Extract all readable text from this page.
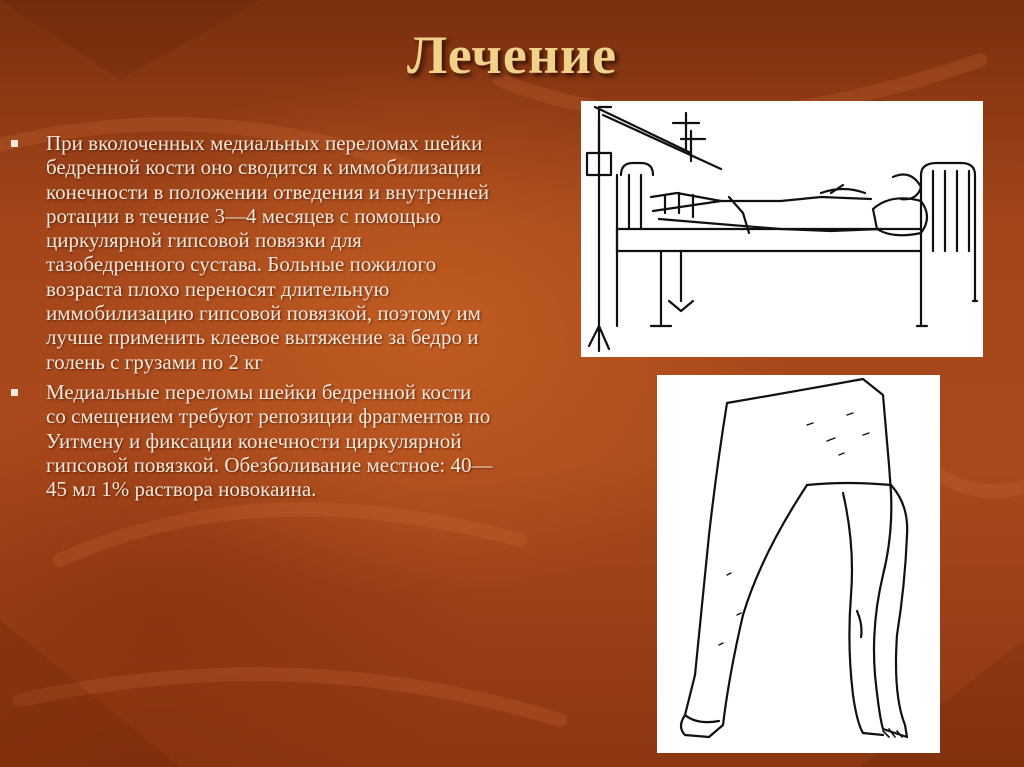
Лечение
При вколоченных медиальных переломах шейки бедренной кости оно сводится к иммобилизации конечности в положении отведения и внутренней ротации в течение 3—4 месяцев с помощью циркулярной гипсовой повязки для тазобедренного сустава. Больные пожилого возраста плохо переносят длительную иммобилизацию гипсовой повязкой, поэтому им лучше применить клеевое вытяжение за бедро и голень с грузами по 2 кг
Медиальные переломы шейки бедренной кости со смещением требуют репозиции фрагментов по Уитмену и фиксации конечности циркулярной гипсовой повязкой. Обезболивание местное: 40—45 мл 1% раствора новокаина.
